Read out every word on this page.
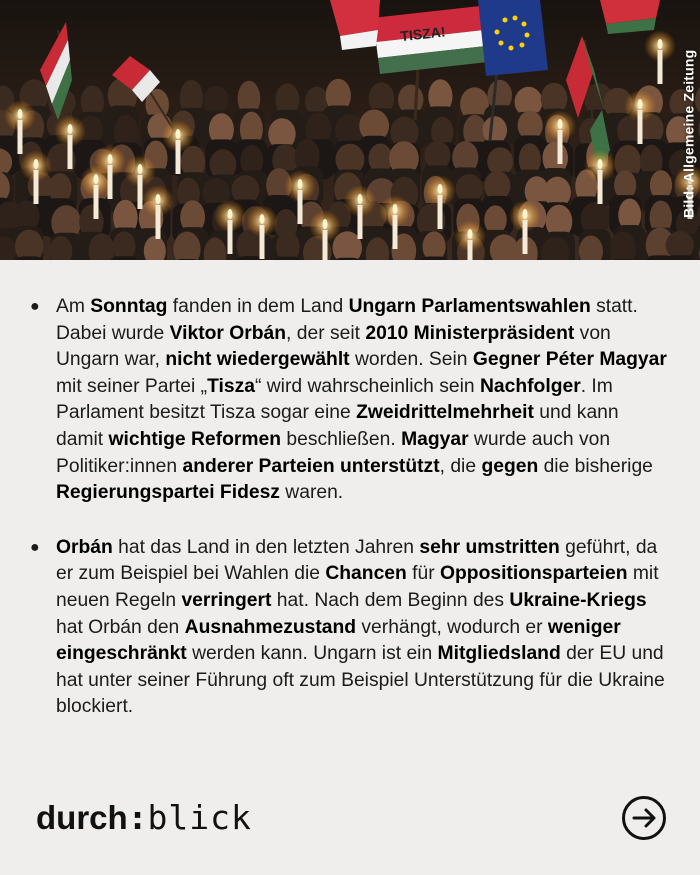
TISZA!
Bild: Allgemeine Zeitung
● Am Sonntag fanden in dem Land Ungarn Parlamentswahlen statt. Dabei wurde Viktor Orbán, der seit 2010 Ministerpräsident von Ungarn war, nicht wiedergewählt worden. Sein Gegner Péter Magyar mit seiner Partei „Tisza“ wird wahrscheinlich sein Nachfolger. Im Parlament besitzt Tisza sogar eine Zweidrittelmehrheit und kann damit wichtige Reformen beschließen. Magyar wurde auch von Politiker:innen anderer Parteien unterstützt, die gegen die bisherige Regierungspartei Fidesz waren.
● Orbán hat das Land in den letzten Jahren sehr umstritten geführt, da er zum Beispiel bei Wahlen die Chancen für Oppositionsparteien mit neuen Regeln verringert hat. Nach dem Beginn des Ukraine-Kriegs hat Orbán den Ausnahmezustand verhängt, wodurch er weniger eingeschränkt werden kann. Ungarn ist ein Mitgliedsland der EU und hat unter seiner Führung oft zum Beispiel Unterstützung für die Ukraine blockiert.
durch:blick
